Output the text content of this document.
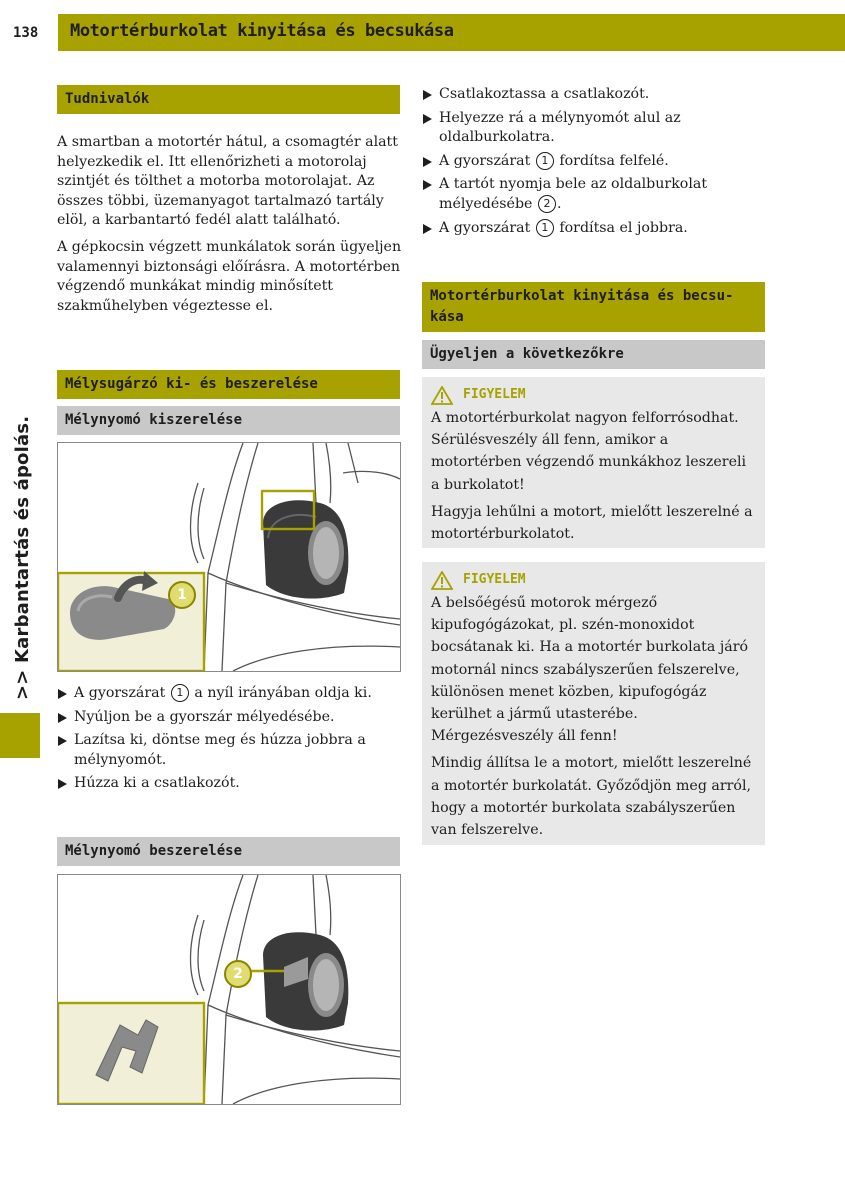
138 Motortérburkolat kinyitása és becsukása
>> Karbantartás és ápolás.
Tudnivalók

A smartban a motortér hátul, a csomagtér alatt helyezkedik el. Itt ellenőrizheti a motorolaj szintjét és tölthet a motorba motorolajat. Az összes többi, üzemanyagot tartalmazó tartály elöl, a karbantartó fedél alatt található.

A gépkocsin végzett munkálatok során ügyeljen valamennyi biztonsági előírásra. A motortérben végzendő munkákat mindig minősített szakműhelyben végeztesse el.

Mélysugárzó ki- és beszerelése
Mélynyomó kiszerelése
1
A gyorszárat 1 a nyíl irányában oldja ki.
Nyúljon be a gyorszár mélyedésébe.
Lazítsa ki, döntse meg és húzza jobbra a mélynyomót.
Húzza ki a csatlakozót.
Mélynyomó beszerelése
2
Csatlakoztassa a csatlakozót.
Helyezze rá a mélynyomót alul az oldalburkolatra.
A gyorszárat 1 fordítsa felfelé.
A tartót nyomja bele az oldalburkolat mélyedésébe 2 .
A gyorszárat 1 fordítsa el jobbra.
Motortérburkolat kinyitása és becsu- kása
Ügyeljen a következőkre
FIGYELEM

A motortérburkolat nagyon felforrósodhat. Sérülésveszély áll fenn, amikor a motortérben végzendő munkákhoz leszereli a burkolatot!

Hagyja lehűlni a motort, mielőtt leszerelné a motortérburkolatot.

FIGYELEM

A belsőégésű motorok mérgező kipufogógázokat, pl. szén-monoxidot bocsátanak ki. Ha a motortér burkolata járó motornál nincs szabályszerűen felszerelve, különösen menet közben, kipufogógáz kerülhet a jármű utasterébe. Mérgezésveszély áll fenn!

Mindig állítsa le a motort, mielőtt leszerelné a motortér burkolatát. Győződjön meg arról, hogy a motortér burkolata szabályszerűen van felszerelve.
